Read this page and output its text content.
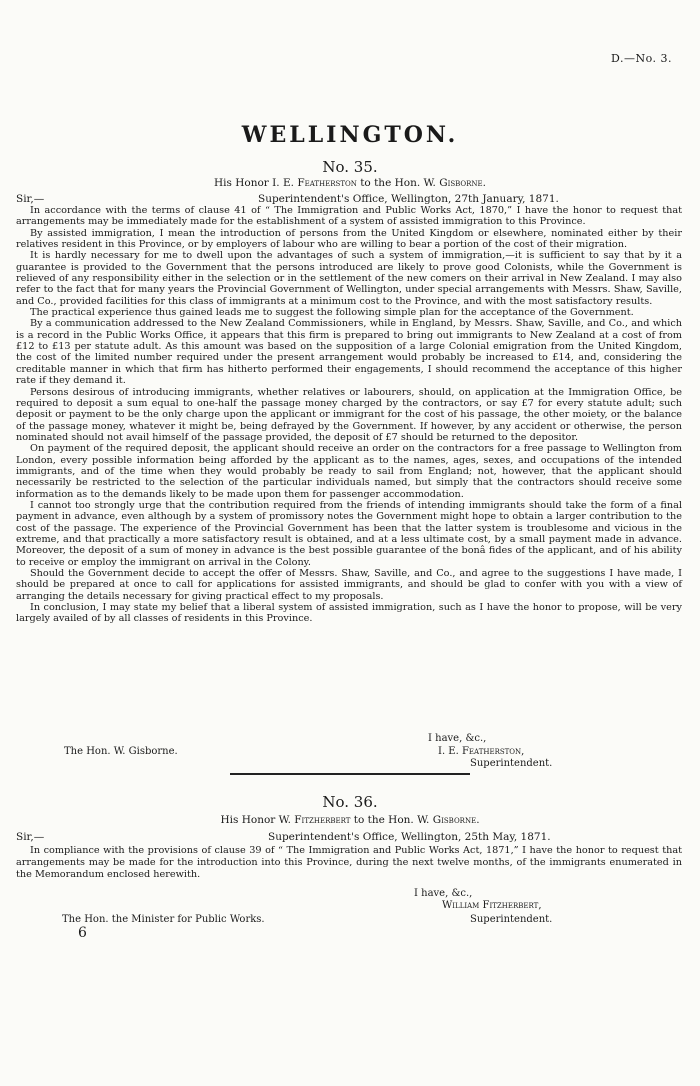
D.—No. 3.
WELLINGTON.
No. 35.
His Honor I. E. Featherston to the Hon. W. Gisborne.
Sir,—	Superintendent's Office, Wellington, 27th January, 1871.

In accordance with the terms of clause 41 of “ The Immigration and Public Works Act, 1870,” I have the honor to request that arrangements may be immediately made for the establishment of a system of assisted immigration to this Province.

By assisted immigration, I mean the introduction of persons from the United Kingdom or elsewhere, nominated either by their relatives resident in this Province, or by employers of labour who are willing to bear a portion of the cost of their migration.

It is hardly necessary for me to dwell upon the advantages of such a system of immigration,—it is sufficient to say that by it a guarantee is provided to the Government that the persons introduced are likely to prove good Colonists, while the Government is relieved of any responsibility either in the selection or in the settlement of the new comers on their arrival in New Zealand. I may also refer to the fact that for many years the Provincial Government of Wellington, under special arrangements with Messrs. Shaw, Saville, and Co., provided facilities for this class of immigrants at a minimum cost to the Province, and with the most satisfactory results.

The practical experience thus gained leads me to suggest the following simple plan for the acceptance of the Government.

By a communication addressed to the New Zealand Commissioners, while in England, by Messrs. Shaw, Saville, and Co., and which is a record in the Public Works Office, it appears that this firm is prepared to bring out immigrants to New Zealand at a cost of from £12 to £13 per statute adult. As this amount was based on the supposition of a large Colonial emigration from the United Kingdom, the cost of the limited number required under the present arrangement would probably be increased to £14, and, considering the creditable manner in which that firm has hitherto performed their engagements, I should recommend the acceptance of this higher rate if they demand it.

Persons desirous of introducing immigrants, whether relatives or labourers, should, on application at the Immigration Office, be required to deposit a sum equal to one-half the passage money charged by the contractors, or say £7 for every statute adult; such deposit or payment to be the only charge upon the applicant or immigrant for the cost of his passage, the other moiety, or the balance of the passage money, whatever it might be, being defrayed by the Government. If however, by any accident or otherwise, the person nominated should not avail himself of the passage provided, the deposit of £7 should be returned to the depositor.

On payment of the required deposit, the applicant should receive an order on the contractors for a free passage to Wellington from London, every possible information being afforded by the applicant as to the names, ages, sexes, and occupations of the intended immigrants, and of the time when they would probably be ready to sail from England; not, however, that the applicant should necessarily be restricted to the selection of the particular individuals named, but simply that the contractors should receive some information as to the demands likely to be made upon them for passenger accommodation.

I cannot too strongly urge that the contribution required from the friends of intending immigrants should take the form of a final payment in advance, even although by a system of promissory notes the Government might hope to obtain a larger contribution to the cost of the passage. The experience of the Provincial Government has been that the latter system is troublesome and vicious in the extreme, and that practically a more satisfactory result is obtained, and at a less ultimate cost, by a small payment made in advance. Moreover, the deposit of a sum of money in advance is the best possible guarantee of the bonâ fides of the applicant, and of his ability to receive or employ the immigrant on arrival in the Colony.

Should the Government decide to accept the offer of Messrs. Shaw, Saville, and Co., and agree to the suggestions I have made, I should be prepared at once to call for applications for assisted immigrants, and should be glad to confer with you with a view of arranging the details necessary for giving practical effect to my proposals.

In conclusion, I may state my belief that a liberal system of assisted immigration, such as I have the honor to propose, will be very largely availed of by all classes of residents in this Province.

I have, &c.,
The Hon. W. Gisborne.	I. E. Featherston,
Superintendent.
No. 36.
His Honor W. Fitzherbert to the Hon. W. Gisborne.
Sir,—	Superintendent's Office, Wellington, 25th May, 1871.

In compliance with the provisions of clause 39 of “ The Immigration and Public Works Act, 1871,” I have the honor to request that arrangements may be made for the introduction into this Province, during the next twelve months, of the immigrants enumerated in the Memorandum enclosed herewith.

I have, &c.,
William Fitzherbert,
The Hon. the Minister for Public Works.	Superintendent.
6
